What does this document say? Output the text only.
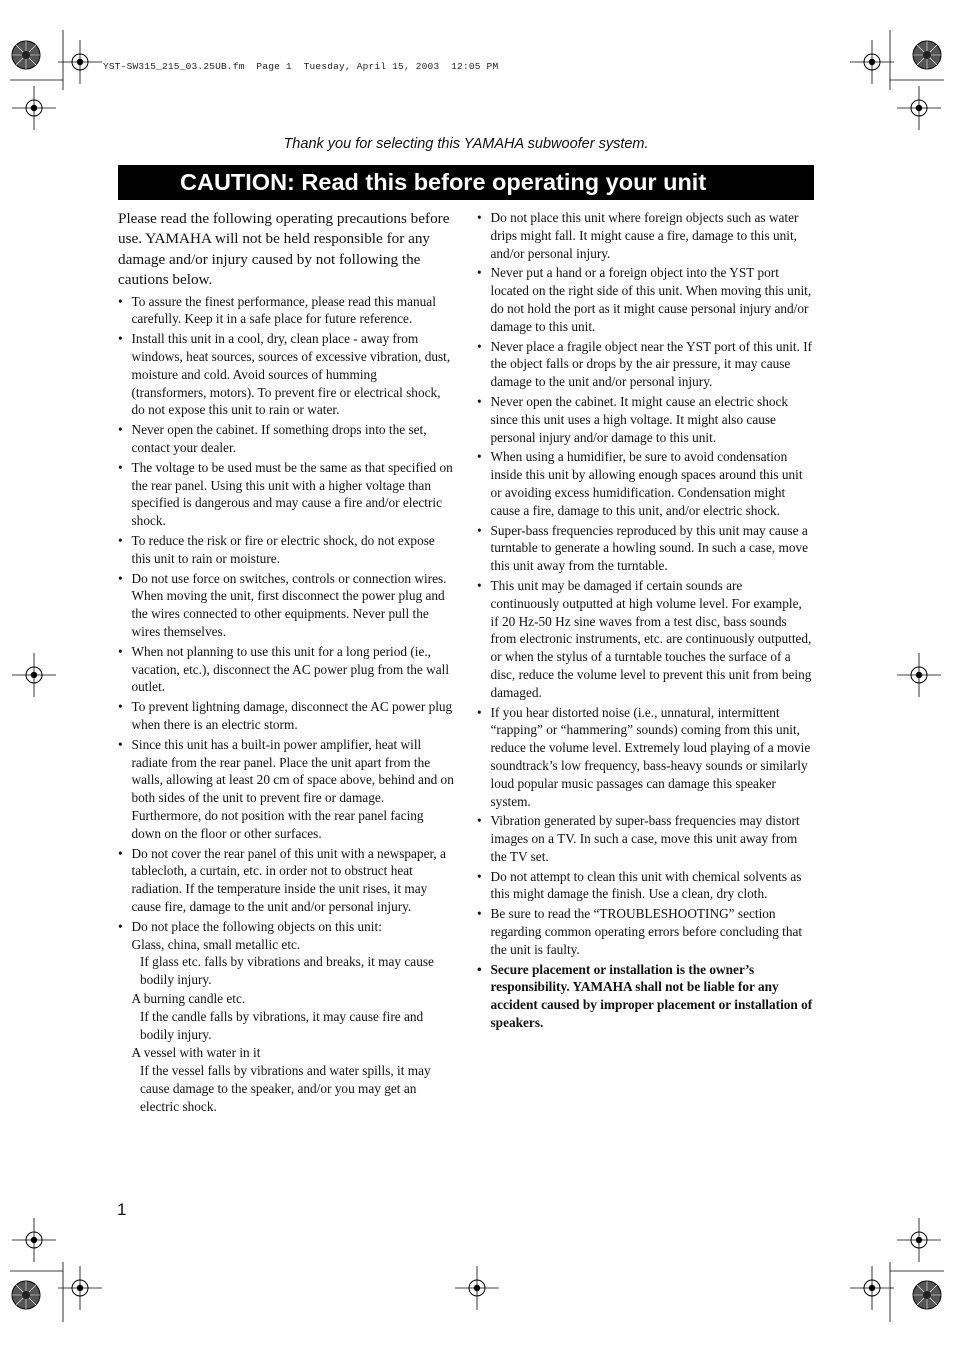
YST-SW315_215_03.25UB.fm  Page 1  Tuesday, April 15, 2003  12:05 PM
Thank you for selecting this YAMAHA subwoofer system.
CAUTION: Read this before operating your unit

Please read the following operating precautions before use. YAMAHA will not be held responsible for any damage and/or injury caused by not following the cautions below.

• To assure the finest performance, please read this manual carefully. Keep it in a safe place for future reference.
• Install this unit in a cool, dry, clean place - away from windows, heat sources, sources of excessive vibration, dust, moisture and cold. Avoid sources of humming (transformers, motors). To prevent fire or electrical shock, do not expose this unit to rain or water.
• Never open the cabinet. If something drops into the set, contact your dealer.
• The voltage to be used must be the same as that specified on the rear panel. Using this unit with a higher voltage than specified is dangerous and may cause a fire and/or electric shock.
• To reduce the risk or fire or electric shock, do not expose this unit to rain or moisture.
• Do not use force on switches, controls or connection wires. When moving the unit, first disconnect the power plug and the wires connected to other equipments. Never pull the wires themselves.
• When not planning to use this unit for a long period (ie., vacation, etc.), disconnect the AC power plug from the wall outlet.
• To prevent lightning damage, disconnect the AC power plug when there is an electric storm.
• Since this unit has a built-in power amplifier, heat will radiate from the rear panel. Place the unit apart from the walls, allowing at least 20 cm of space above, behind and on both sides of the unit to prevent fire or damage. Furthermore, do not position with the rear panel facing down on the floor or other surfaces.
• Do not cover the rear panel of this unit with a newspaper, a tablecloth, a curtain, etc. in order not to obstruct heat radiation. If the temperature inside the unit rises, it may cause fire, damage to the unit and/or personal injury.
• Do not place the following objects on this unit:
Glass, china, small metallic etc.
If glass etc. falls by vibrations and breaks, it may cause bodily injury.
A burning candle etc.
If the candle falls by vibrations, it may cause fire and bodily injury.
A vessel with water in it
If the vessel falls by vibrations and water spills, it may cause damage to the speaker, and/or you may get an electric shock.
• Do not place this unit where foreign objects such as water drips might fall. It might cause a fire, damage to this unit, and/or personal injury.
• Never put a hand or a foreign object into the YST port located on the right side of this unit. When moving this unit, do not hold the port as it might cause personal injury and/or damage to this unit.
• Never place a fragile object near the YST port of this unit. If the object falls or drops by the air pressure, it may cause damage to the unit and/or personal injury.
• Never open the cabinet. It might cause an electric shock since this unit uses a high voltage. It might also cause personal injury and/or damage to this unit.
• When using a humidifier, be sure to avoid condensation inside this unit by allowing enough spaces around this unit or avoiding excess humidification. Condensation might cause a fire, damage to this unit, and/or electric shock.
• Super-bass frequencies reproduced by this unit may cause a turntable to generate a howling sound. In such a case, move this unit away from the turntable.
• This unit may be damaged if certain sounds are continuously outputted at high volume level. For example, if 20 Hz-50 Hz sine waves from a test disc, bass sounds from electronic instruments, etc. are continuously outputted, or when the stylus of a turntable touches the surface of a disc, reduce the volume level to prevent this unit from being damaged.
• If you hear distorted noise (i.e., unnatural, intermittent “rapping” or “hammering” sounds) coming from this unit, reduce the volume level. Extremely loud playing of a movie soundtrack’s low frequency, bass-heavy sounds or similarly loud popular music passages can damage this speaker system.
• Vibration generated by super-bass frequencies may distort images on a TV. In such a case, move this unit away from the TV set.
• Do not attempt to clean this unit with chemical solvents as this might damage the finish. Use a clean, dry cloth.
• Be sure to read the “TROUBLESHOOTING” section regarding common operating errors before concluding that the unit is faulty.
• Secure placement or installation is the owner’s responsibility. YAMAHA shall not be liable for any accident caused by improper placement or installation of speakers.
1
